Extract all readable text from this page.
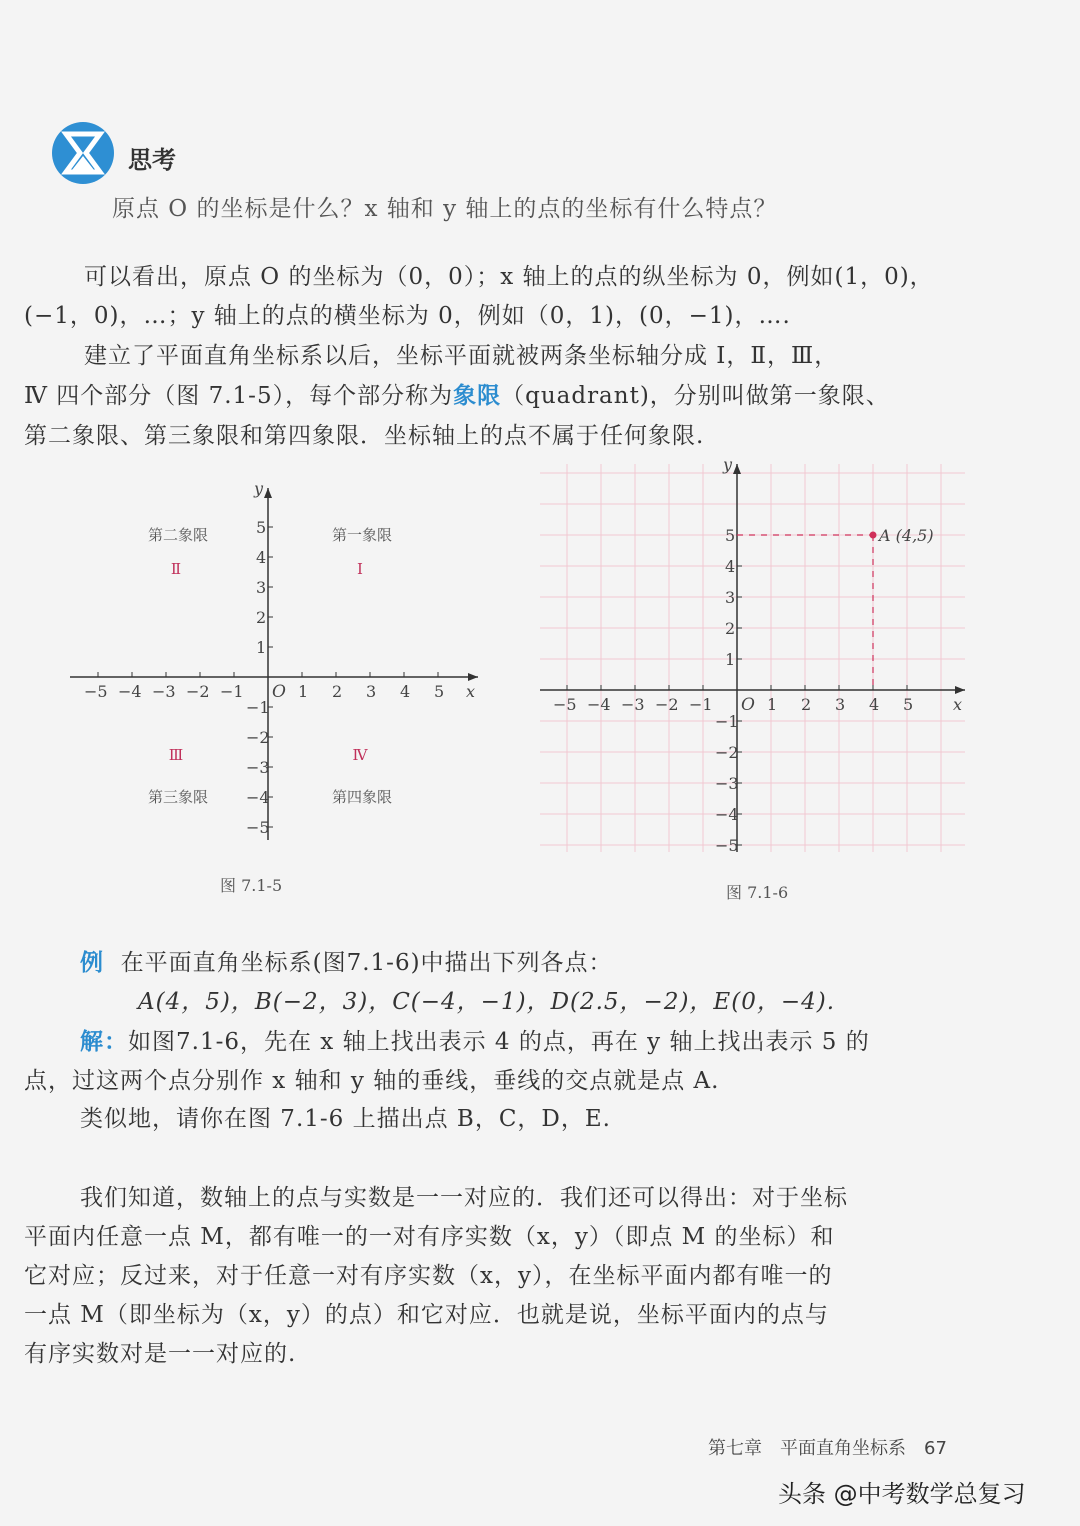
思考
原点 O 的坐标是什么？x 轴和 y 轴上的点的坐标有什么特点？
可以看出，原点 O 的坐标为（0，0）；x 轴上的点的纵坐标为 0，例如(1，0)，
(−1，0)，…；y 轴上的点的横坐标为 0，例如（0，1)，(0，−1)，….
建立了平面直角坐标系以后，坐标平面就被两条坐标轴分成 Ⅰ，Ⅱ，Ⅲ，
Ⅳ 四个部分（图 7.1-5），每个部分称为象限（quadrant)，分别叫做第一象限、
第二象限、第三象限和第四象限．坐标轴上的点不属于任何象限.
−5
−5
−4
−4
−3
−3
−2
−2
−1
−1
1
1
2
2
3
3
4
4
5
5
O	x
y
Ⅰ
第一象限
Ⅱ
第二象限
Ⅲ
第三象限
Ⅳ
第四象限
−5
−5
−4
−4
−3
−3
−2
−2
−1
−1
1
1
2
2
3
3
4
4
5
5
O	x
y
A (4,5)
图 7.1-5	图 7.1-6
例 在平面直角坐标系(图7.1-6)中描出下列各点：
A(4，5)，B(−2，3)，C(−4，−1)，D(2.5，−2)，E(0，−4).
解：如图7.1-6，先在 x 轴上找出表示 4 的点，再在 y 轴上找出表示 5 的
点，过这两个点分别作 x 轴和 y 轴的垂线，垂线的交点就是点 A.
类似地，请你在图 7.1-6 上描出点 B，C，D，E.
我们知道，数轴上的点与实数是一一对应的．我们还可以得出：对于坐标
平面内任意一点 M，都有唯一的一对有序实数（x，y）（即点 M 的坐标）和
它对应；反过来，对于任意一对有序实数（x，y），在坐标平面内都有唯一的
一点 M（即坐标为（x，y）的点）和它对应．也就是说，坐标平面内的点与
有序实数对是一一对应的.
第七章 平面直角坐标系 67
头条 @中考数学总复习
